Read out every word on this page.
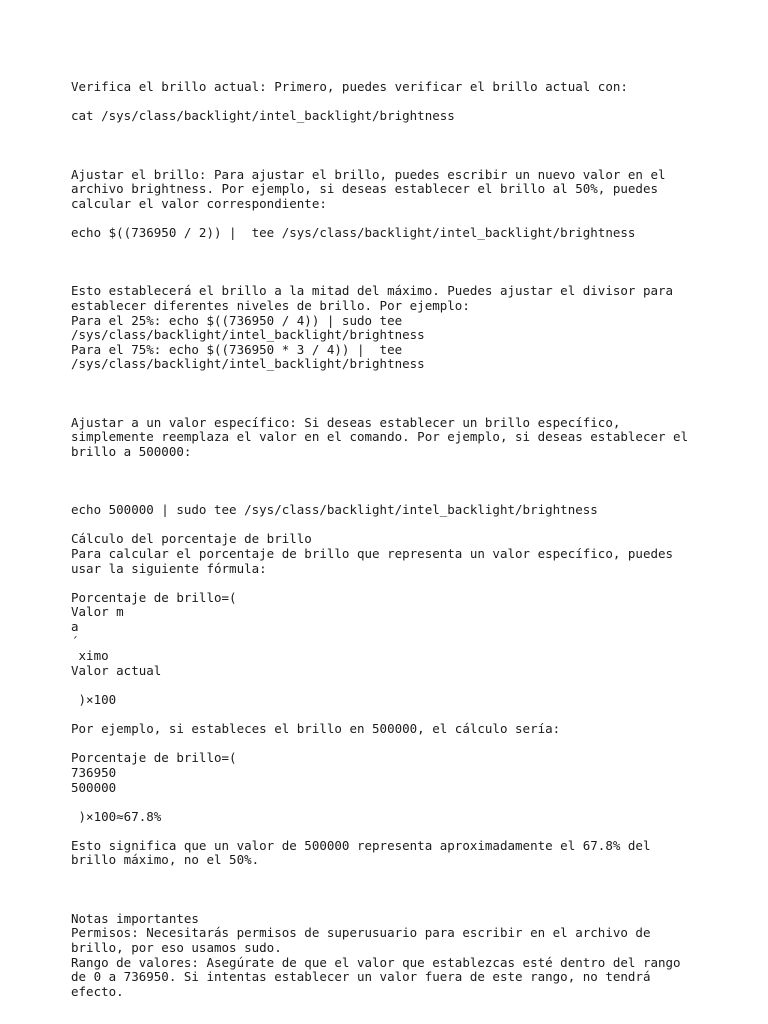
Verifica el brillo actual: Primero, puedes verificar el brillo actual con:
cat /sys/class/backlight/intel_backlight/brightness
Ajustar el brillo: Para ajustar el brillo, puedes escribir un nuevo valor en el
archivo brightness. Por ejemplo, si deseas establecer el brillo al 50%, puedes
calcular el valor correspondiente:
echo $((736950 / 2)) |  tee /sys/class/backlight/intel_backlight/brightness
Esto establecerá el brillo a la mitad del máximo. Puedes ajustar el divisor para
establecer diferentes niveles de brillo. Por ejemplo:
Para el 25%: echo $((736950 / 4)) | sudo tee
/sys/class/backlight/intel_backlight/brightness
Para el 75%: echo $((736950 * 3 / 4)) |  tee
/sys/class/backlight/intel_backlight/brightness
Ajustar a un valor específico: Si deseas establecer un brillo específico,
simplemente reemplaza el valor en el comando. Por ejemplo, si deseas establecer el
brillo a 500000:
echo 500000 | sudo tee /sys/class/backlight/intel_backlight/brightness
Cálculo del porcentaje de brillo
Para calcular el porcentaje de brillo que representa un valor específico, puedes
usar la siguiente fórmula:
Porcentaje de brillo=(
Valor m
a
´
ximo
Valor actual
)×100
Por ejemplo, si estableces el brillo en 500000, el cálculo sería:
Porcentaje de brillo=(
736950
500000
)×100≈67.8%
Esto significa que un valor de 500000 representa aproximadamente el 67.8% del
brillo máximo, no el 50%.
Notas importantes
Permisos: Necesitarás permisos de superusuario para escribir en el archivo de
brillo, por eso usamos sudo.
Rango de valores: Asegúrate de que el valor que establezcas esté dentro del rango
de 0 a 736950. Si intentas establecer un valor fuera de este rango, no tendrá
efecto.
